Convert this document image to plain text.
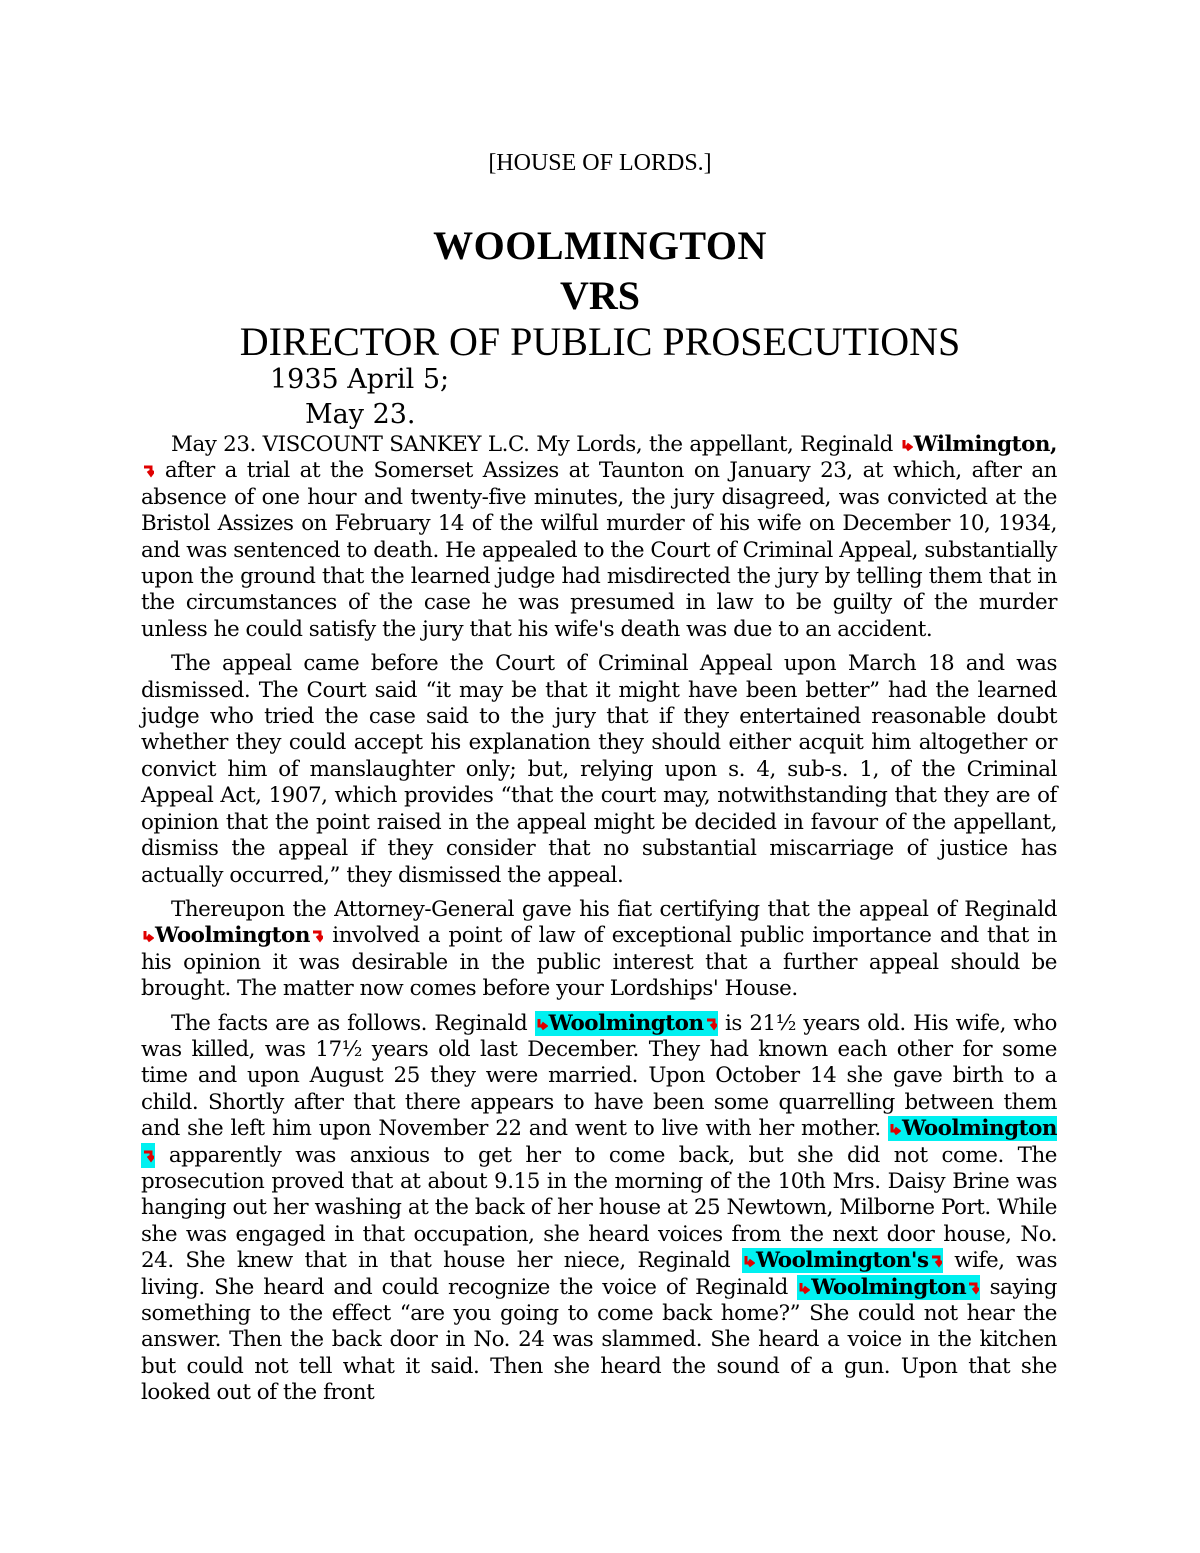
[HOUSE OF LORDS.]
WOOLMINGTON
VRS
DIRECTOR OF PUBLIC PROSECUTIONS
1935 April 5;
May 23.

May 23. VISCOUNT SANKEY L.C. My Lords, the appellant, Reginald Wilmington,  after a trial at the Somerset Assizes at Taunton on January 23, at which, after an absence of one hour and twenty-five minutes, the jury disagreed, was convicted at the Bristol Assizes on February 14 of the wilful murder of his wife on December 10, 1934, and was sentenced to death. He appealed to the Court of Criminal Appeal, substantially upon the ground that the learned judge had misdirected the jury by telling them that in the circumstances of the case he was presumed in law to be guilty of the murder unless he could satisfy the jury that his wife's death was due to an accident.

The appeal came before the Court of Criminal Appeal upon March 18 and was dismissed. The Court said “it may be that it might have been better” had the learned judge who tried the case said to the jury that if they entertained reasonable doubt whether they could accept his explanation they should either acquit him altogether or convict him of manslaughter only; but, relying upon s. 4, sub-s. 1, of the Criminal Appeal Act, 1907, which provides “that the court may, notwithstanding that they are of opinion that the point raised in the appeal might be decided in favour of the appellant, dismiss the appeal if they consider that no substantial miscarriage of justice has actually occurred,” they dismissed the appeal.

Thereupon the Attorney-General gave his fiat certifying that the appeal of Reginald Woolmington involved a point of law of exceptional public importance and that in his opinion it was desirable in the public interest that a further appeal should be brought. The matter now comes before your Lordships' House.

The facts are as follows. Reginald Woolmington is 21½ years old. His wife, who was killed, was 17½ years old last December. They had known each other for some time and upon August 25 they were married. Upon October 14 she gave birth to a child. Shortly after that there appears to have been some quarrelling between them and she left him upon November 22 and went to live with her mother. Woolmington apparently was anxious to get her to come back, but she did not come. The prosecution proved that at about 9.15 in the morning of the 10th Mrs. Daisy Brine was hanging out her washing at the back of her house at 25 Newtown, Milborne Port. While she was engaged in that occupation, she heard voices from the next door house, No. 24. She knew that in that house her niece, Reginald Woolmington's wife, was living. She heard and could recognize the voice of Reginald Woolmington saying something to the effect “are you going to come back home?” She could not hear the answer. Then the back door in No. 24 was slammed. She heard a voice in the kitchen but could not tell what it said. Then she heard the sound of a gun. Upon that she looked out of the front
